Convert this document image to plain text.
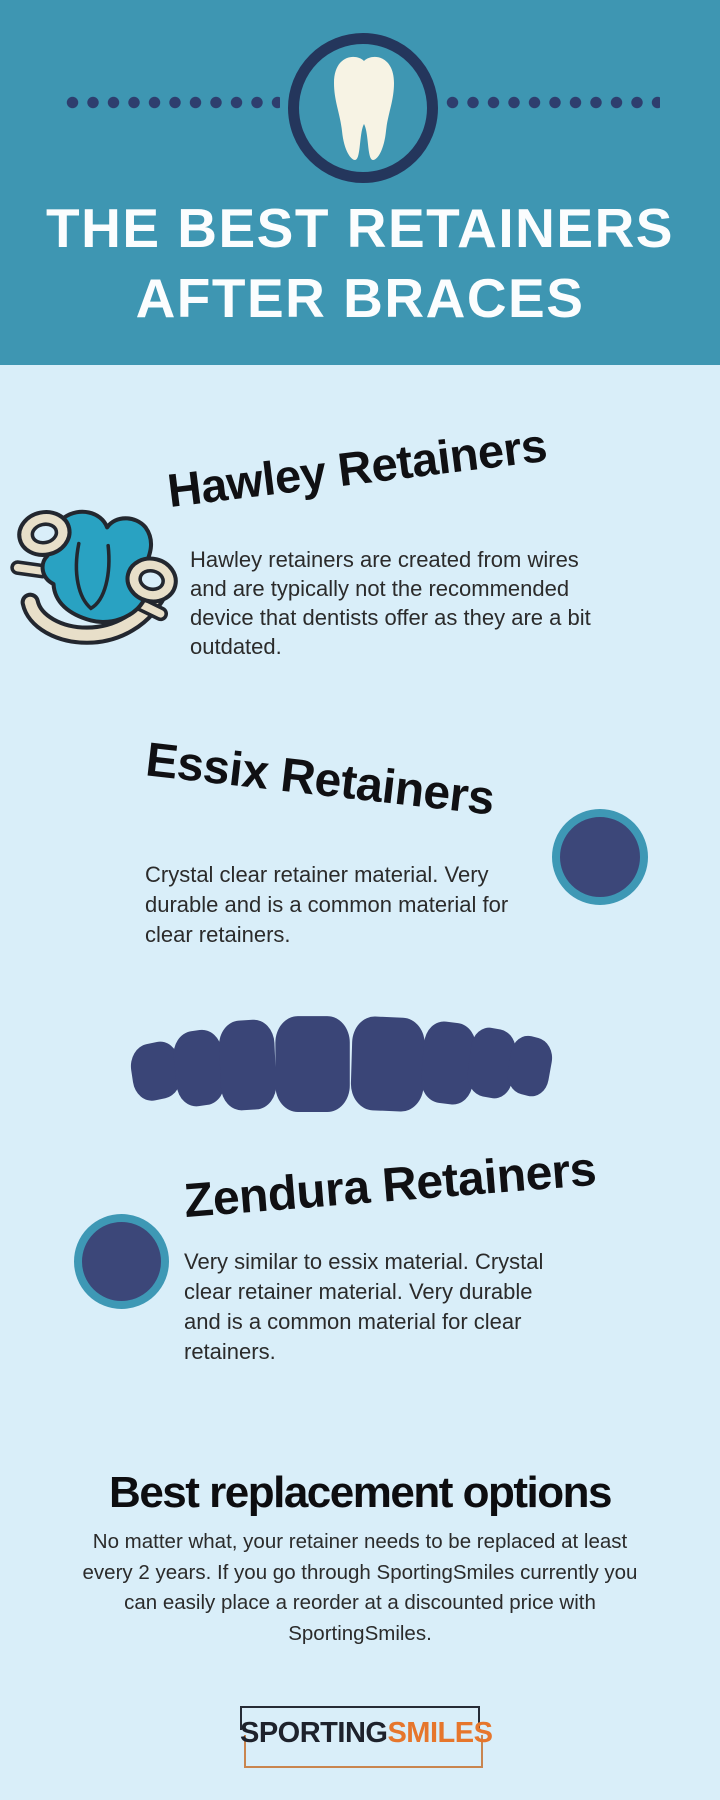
THE BEST RETAINERS
AFTER BRACES
Hawley Retainers
Hawley retainers are created from wires
and are typically not the recommended
device that dentists offer as they are a bit
outdated.
Essix Retainers
Crystal clear retainer material. Very
durable and is a common material for
clear retainers.
Zendura Retainers
Very similar to essix material. Crystal
clear retainer material. Very durable
and is a common material for clear
retainers.
Best replacement options
No matter what, your retainer needs to be replaced at least
every 2 years. If you go through SportingSmiles currently you
can easily place a reorder at a discounted price with
SportingSmiles.
SPORTINGSMILES
